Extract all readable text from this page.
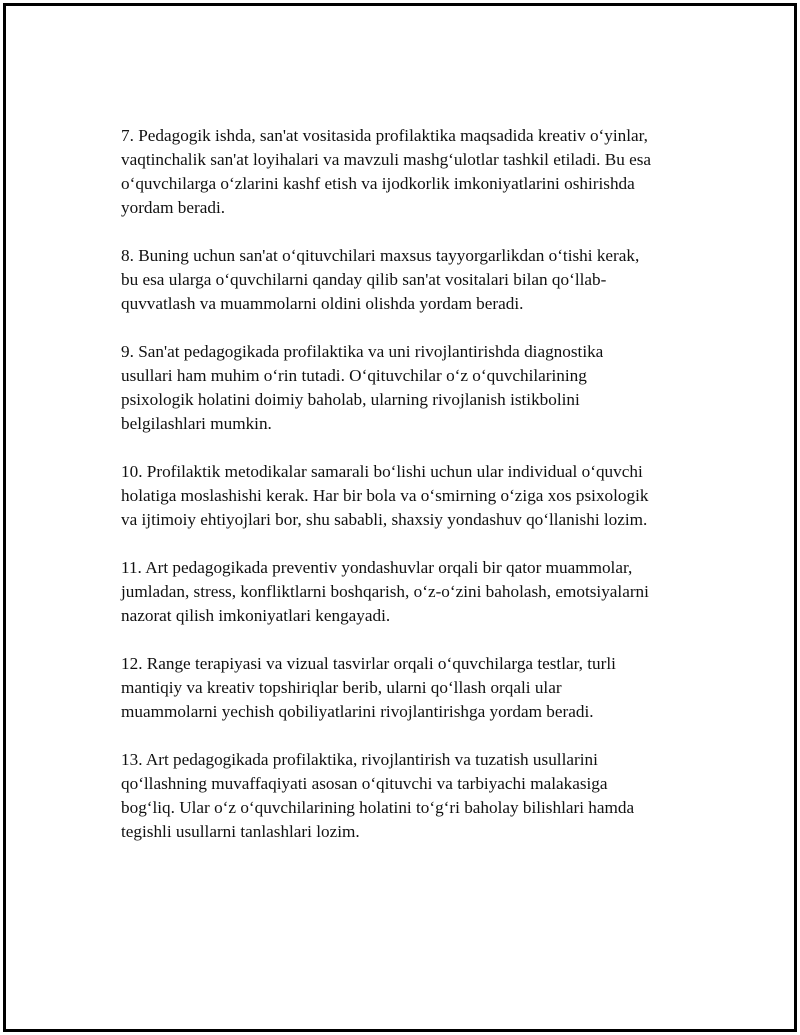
7. Pedagogik ishda, san'at vositasida profilaktika maqsadida kreativ o‘yinlar,
vaqtinchalik san'at loyihalari va mavzuli mashg‘ulotlar tashkil etiladi. Bu esa
o‘quvchilarga o‘zlarini kashf etish va ijodkorlik imkoniyatlarini oshirishda
yordam beradi.

8. Buning uchun san'at o‘qituvchilari maxsus tayyorgarlikdan o‘tishi kerak,
bu esa ularga o‘quvchilarni qanday qilib san'at vositalari bilan qo‘llab-
quvvatlash va muammolarni oldini olishda yordam beradi.

9. San'at pedagogikada profilaktika va uni rivojlantirishda diagnostika
usullari ham muhim o‘rin tutadi. O‘qituvchilar o‘z o‘quvchilarining
psixologik holatini doimiy baholab, ularning rivojlanish istikbolini
belgilashlari mumkin.

10. Profilaktik metodikalar samarali bo‘lishi uchun ular individual o‘quvchi
holatiga moslashishi kerak. Har bir bola va o‘smirning o‘ziga xos psixologik
va ijtimoiy ehtiyojlari bor, shu sababli, shaxsiy yondashuv qo‘llanishi lozim.

11. Art pedagogikada preventiv yondashuvlar orqali bir qator muammolar,
jumladan, stress, konfliktlarni boshqarish, o‘z-o‘zini baholash, emotsiyalarni
nazorat qilish imkoniyatlari kengayadi.

12. Range terapiyasi va vizual tasvirlar orqali o‘quvchilarga testlar, turli
mantiqiy va kreativ topshiriqlar berib, ularni qo‘llash orqali ular
muammolarni yechish qobiliyatlarini rivojlantirishga yordam beradi.

13. Art pedagogikada profilaktika, rivojlantirish va tuzatish usullarini
qo‘llashning muvaffaqiyati asosan o‘qituvchi va tarbiyachi malakasiga
bog‘liq. Ular o‘z o‘quvchilarining holatini to‘g‘ri baholay bilishlari hamda
tegishli usullarni tanlashlari lozim.
